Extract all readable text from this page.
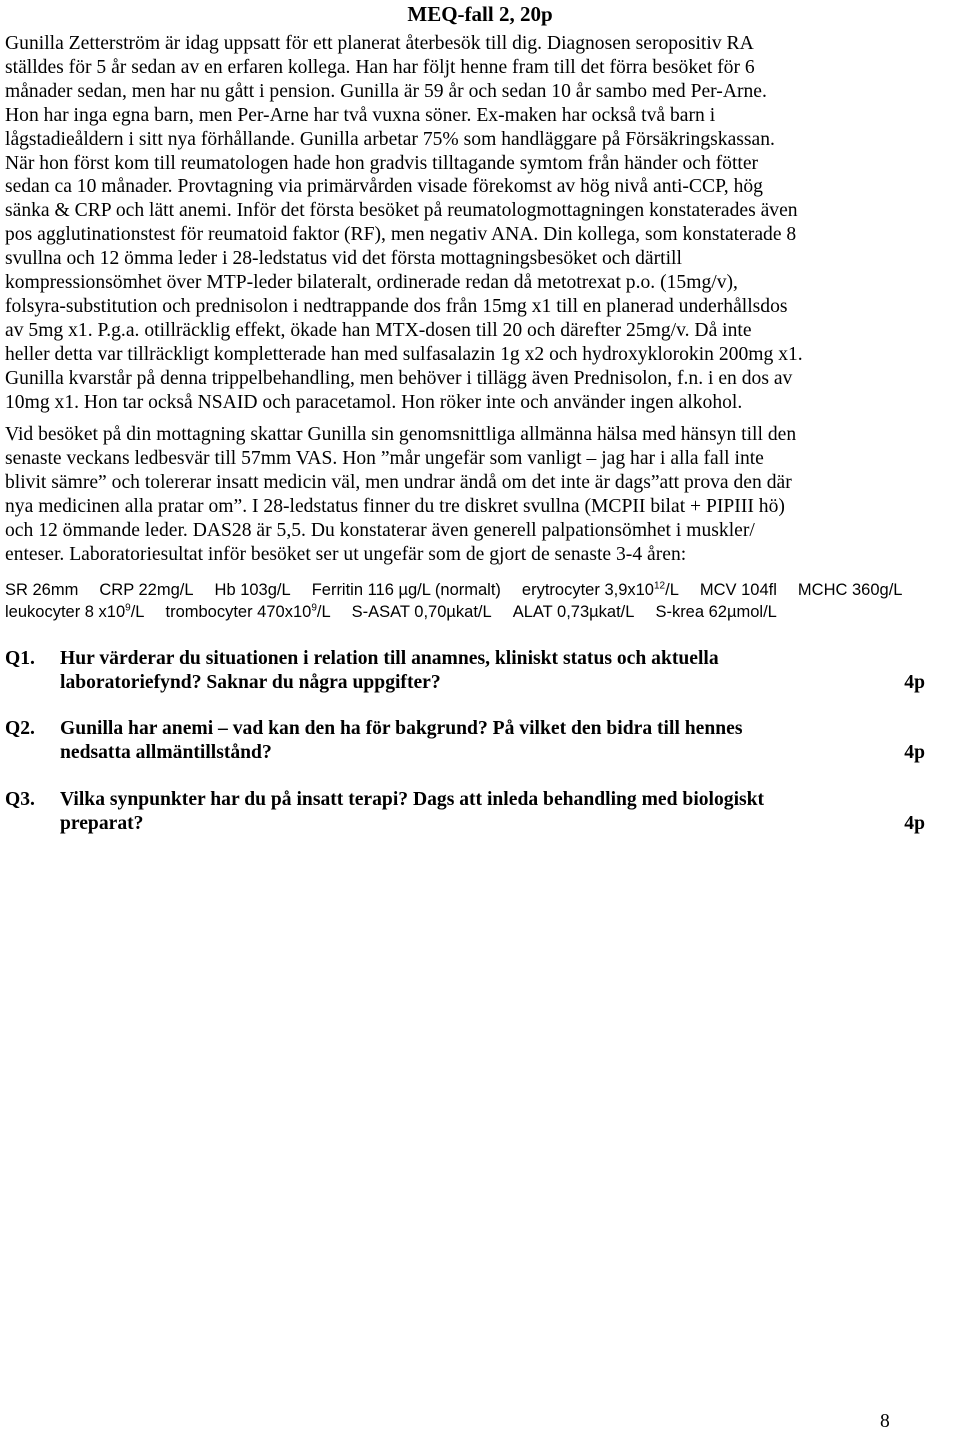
MEQ-fall 2, 20p
Gunilla Zetterström är idag uppsatt för ett planerat återbesök till dig. Diagnosen seropositiv RA
ställdes för 5 år sedan av en erfaren kollega. Han har följt henne fram till det förra besöket för 6
månader sedan, men har nu gått i pension. Gunilla är 59 år och sedan 10 år sambo med Per-Arne.
Hon har inga egna barn, men Per-Arne har två vuxna söner. Ex-maken har också två barn i
lågstadieåldern i sitt nya förhållande. Gunilla arbetar 75% som handläggare på Försäkringskassan.
När hon först kom till reumatologen hade hon gradvis tilltagande symtom från händer och fötter
sedan ca 10 månader. Provtagning via primärvården visade förekomst av hög nivå anti-CCP, hög
sänka & CRP och lätt anemi. Inför det första besöket på reumatologmottagningen konstaterades även
pos agglutinationstest för reumatoid faktor (RF), men negativ ANA. Din kollega, som konstaterade 8
svullna och 12 ömma leder i 28-ledstatus vid det första mottagningsbesöket och därtill
kompressionsömhet över MTP-leder bilateralt, ordinerade redan då metotrexat p.o. (15mg/v),
folsyra-substitution och prednisolon i nedtrappande dos från 15mg x1 till en planerad underhållsdos
av 5mg x1. P.g.a. otillräcklig effekt, ökade han MTX-dosen till 20 och därefter 25mg/v. Då inte
heller detta var tillräckligt kompletterade han med sulfasalazin 1g x2 och hydroxyklorokin 200mg x1.
Gunilla kvarstår på denna trippelbehandling, men behöver i tillägg även Prednisolon, f.n. i en dos av
10mg x1. Hon tar också NSAID och paracetamol. Hon röker inte och använder ingen alkohol.
Vid besöket på din mottagning skattar Gunilla sin genomsnittliga allmänna hälsa med hänsyn till den
senaste veckans ledbesvär till 57mm VAS. Hon ”mår ungefär som vanligt – jag har i alla fall inte
blivit sämre” och tolererar insatt medicin väl, men undrar ändå om det inte är dags”att prova den där
nya medicinen alla pratar om”. I 28-ledstatus finner du tre diskret svullna (MCPII bilat + PIPIII hö)
och 12 ömmande leder. DAS28 är 5,5. Du konstaterar även generell palpationsömhet i muskler/
enteser. Laboratoriesultat inför besöket ser ut ungefär som de gjort de senaste 3-4 åren:
SR 26mm CRP 22mg/L Hb 103g/L Ferritin 116 µg/L (normalt) erytrocyter $3,9x10^{12}/L$ MCV 104fl MCHC 360g/L
leukocyter 8 $x10^9/L$ trombocyter $470x10^9/L$ S-ASAT 0,70µkat/L ALAT 0,73µkat/L S-krea 62µmol/L
Q1. Hur värderar du situationen i relation till anamnes, kliniskt status och aktuella
laboratoriefynd? Saknar du några uppgifter?	4p
Q2. Gunilla har anemi – vad kan den ha för bakgrund? På vilket den bidra till hennes
nedsatta allmäntillstånd?	4p
Q3. Vilka synpunkter har du på insatt terapi? Dags att inleda behandling med biologiskt
preparat?	4p
8
